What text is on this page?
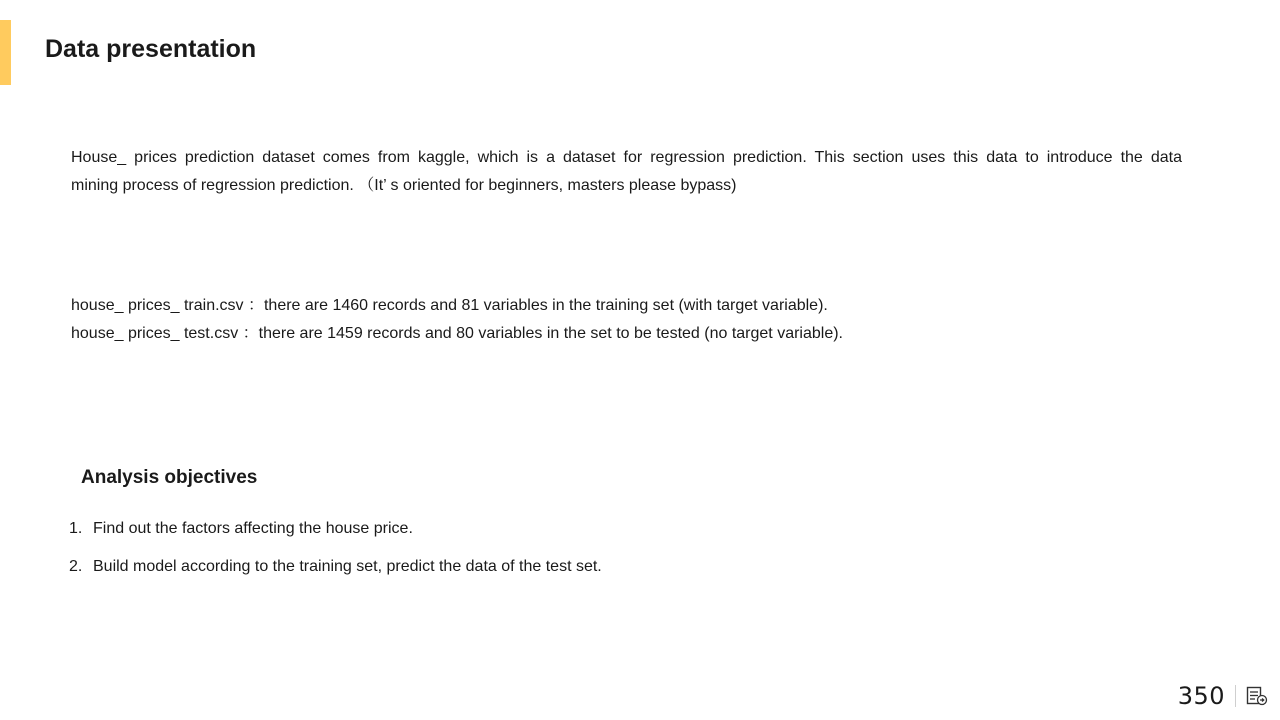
Data presentation
House_ prices prediction dataset comes from kaggle, which is a dataset for regression prediction. This section uses this data to introduce the data
mining process of regression prediction. （It’ s oriented for beginners, masters please bypass)
house_ prices_ train.csv ：there are 1460 records and 81 variables in the training set (with target variable).
house_ prices_ test.csv ：there are 1459 records and 80 variables in the set to be tested (no target variable).
Analysis objectives
1. Find out the factors affecting the house price.
2. Build model according to the training set, predict the data of the test set.
350
